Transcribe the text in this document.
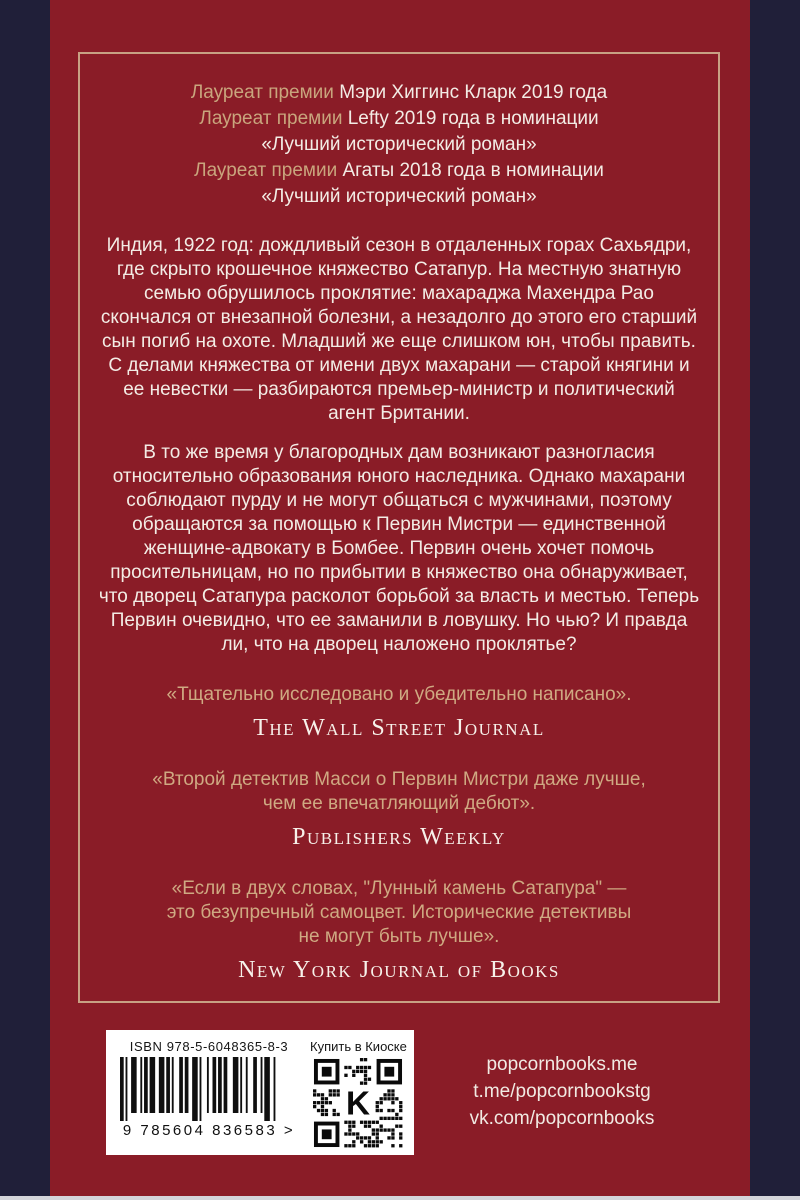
Лауреат премии Мэри Хиггинс Кларк 2019 года
Лауреат премии Lefty 2019 года в номинации
«Лучший исторический роман»
Лауреат премии Агаты 2018 года в номинации
«Лучший исторический роман»

Индия, 1922 год: дождливый сезон в отдаленных горах Сахьядри, где скрыто крошечное княжество Сатапур. На местную знатную семью обрушилось проклятие: махараджа Махендра Рао скончался от внезапной болезни, а незадолго до этого его старший сын погиб на охоте. Младший же еще слишком юн, чтобы править. С делами княжества от имени двух махарани — старой княгини и ее невестки — разбираются премьер-министр и политический агент Британии.

В то же время у благородных дам возникают разногласия относительно образования юного наследника. Однако махарани соблюдают пурду и не могут общаться с мужчинами, поэтому обращаются за помощью к Первин Мистри — единственной женщине-адвокату в Бомбее. Первин очень хочет помочь просительницам, но по прибытии в княжество она обнаруживает, что дворец Сатапура расколот борьбой за власть и местью. Теперь Первин очевидно, что ее заманили в ловушку. Но чью? И правда ли, что на дворец наложено проклятье?

«Тщательно исследовано и убедительно написано».

The Wall Street Journal

«Второй детектив Масси о Первин Мистри даже лучше, чем ее впечатляющий дебют».

Publishers Weekly

«Если в двух словах, "Лунный камень Сатапура" — это безупречный самоцвет. Исторические детективы не могут быть лучше».

New York Journal of Books

ISBN 978-5-6048365-8-3
9 785604 836583 >
Купить в Киоске
K
popcornbooks.me
t.me/popcornbookstg
vk.com/popcornbooks
